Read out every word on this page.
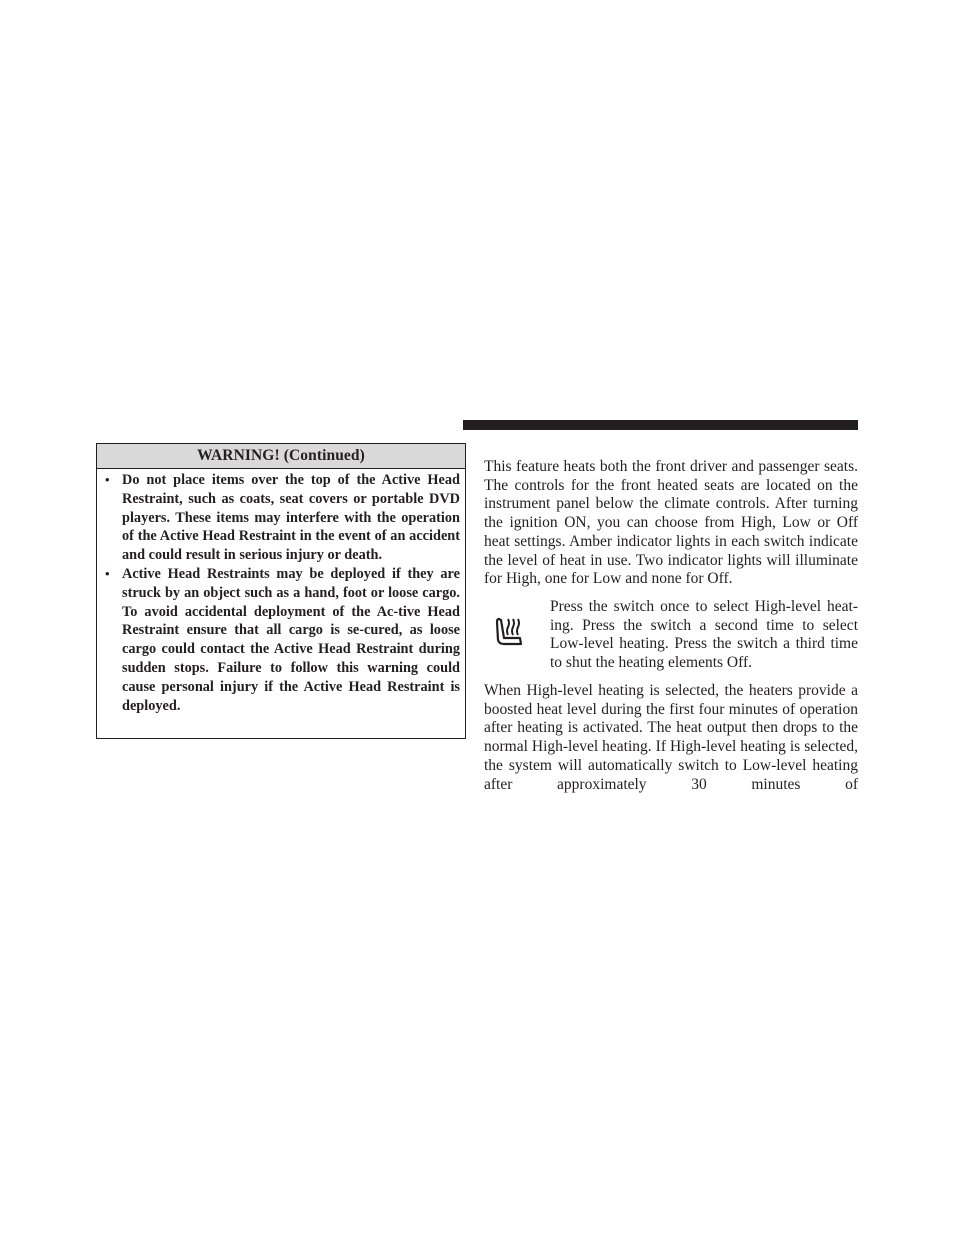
WARNING! (Continued)
• Do not place items over the top of the Active Head Restraint, such as coats, seat covers or portable DVD players. These items may interfere with the operation of the Active Head Restraint in the event of an accident and could result in serious injury or death.
• Active Head Restraints may be deployed if they are struck by an object such as a hand, foot or loose cargo. To avoid accidental deployment of the Ac-tive Head Restraint ensure that all cargo is se-cured, as loose cargo could contact the Active Head Restraint during sudden stops. Failure to follow this warning could cause personal injury if the Active Head Restraint is deployed.

This feature heats both the front driver and passenger seats. The controls for the front heated seats are located on the instrument panel below the climate controls. After turning the ignition ON, you can choose from High, Low or Off heat settings. Amber indicator lights in each switch indicate the level of heat in use. Two indicator lights will illuminate for High, one for Low and none for Off.

Press the switch once to select High-level heat-ing. Press the switch a second time to select Low-level heating. Press the switch a third time to shut the heating elements Off.

When High-level heating is selected, the heaters provide a boosted heat level during the first four minutes of operation after heating is activated. The heat output then drops to the normal High-level heating. If High-level heating is selected, the system will automatically switch to Low-level heating after approximately 30 minutes of
